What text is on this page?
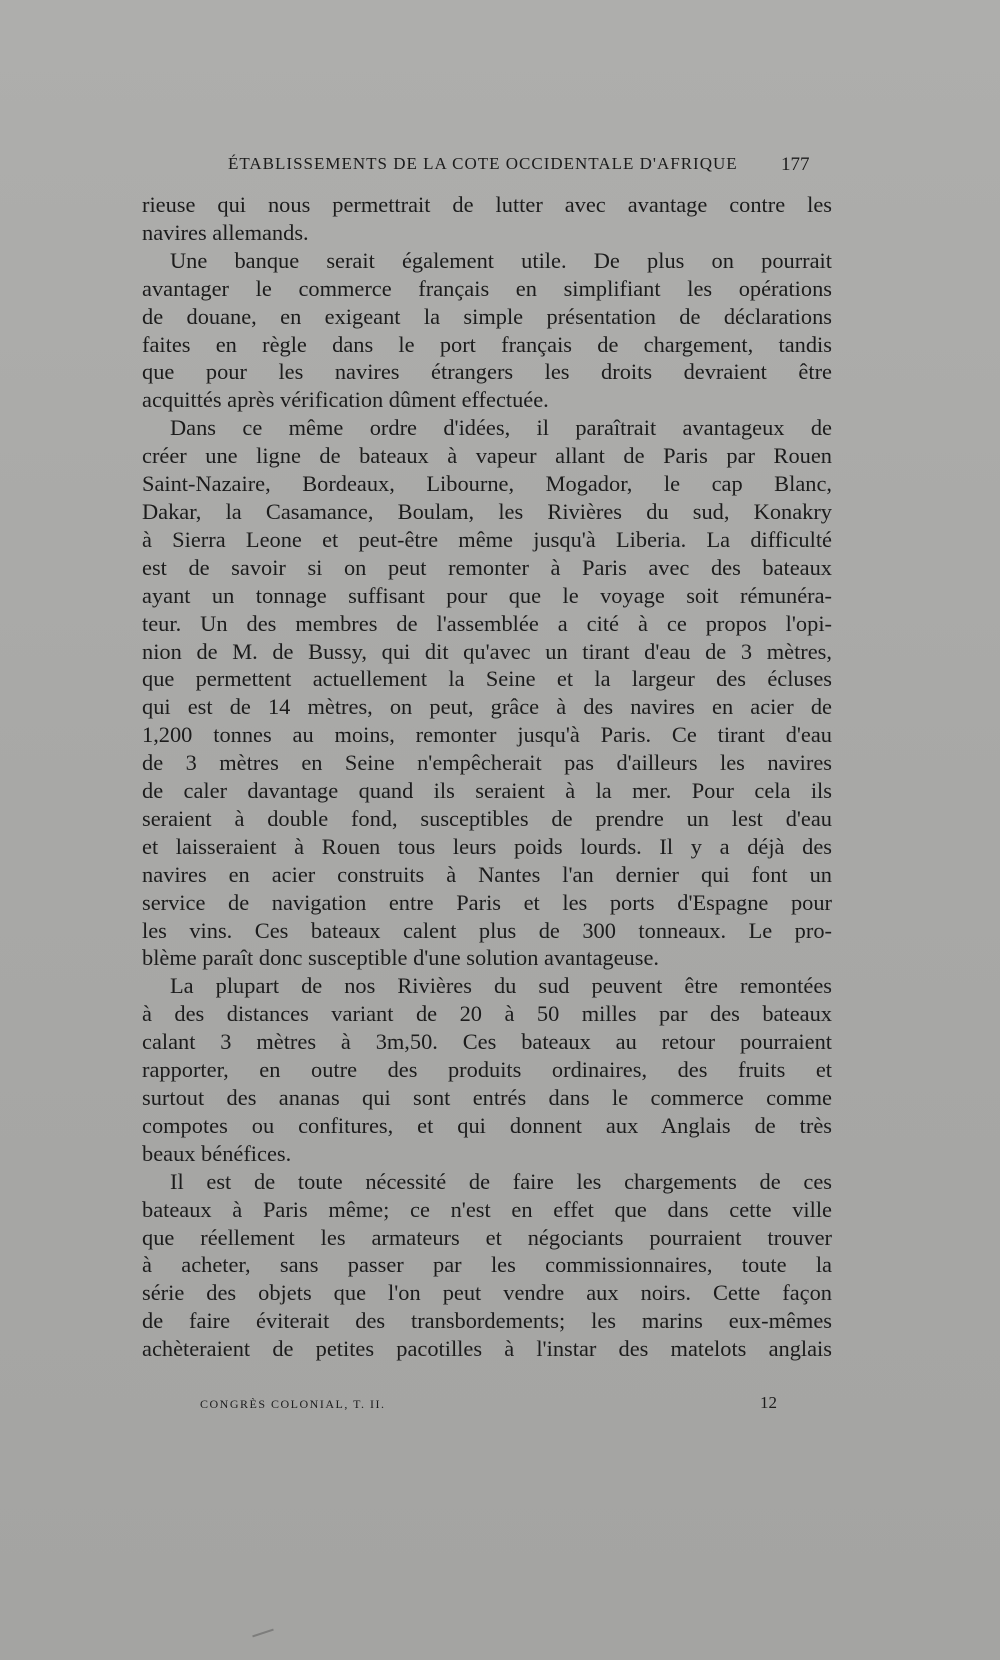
ÉTABLISSEMENTS DE LA COTE OCCIDENTALE D'AFRIQUE	177
rieuse qui nous permettrait de lutter avec avantage contre les
navires allemands.
Une banque serait également utile. De plus on pourrait
avantager le commerce français en simplifiant les opérations
de douane, en exigeant la simple présentation de déclarations
faites en règle dans le port français de chargement, tandis
que pour les navires étrangers les droits devraient être
acquittés après vérification dûment effectuée.
Dans ce même ordre d'idées, il paraîtrait avantageux de
créer une ligne de bateaux à vapeur allant de Paris par Rouen
Saint-Nazaire, Bordeaux, Libourne, Mogador, le cap Blanc,
Dakar, la Casamance, Boulam, les Rivières du sud, Konakry
à Sierra Leone et peut-être même jusqu'à Liberia. La difficulté
est de savoir si on peut remonter à Paris avec des bateaux
ayant un tonnage suffisant pour que le voyage soit rémunéra-
teur. Un des membres de l'assemblée a cité à ce propos l'opi-
nion de M. de Bussy, qui dit qu'avec un tirant d'eau de 3 mètres,
que permettent actuellement la Seine et la largeur des écluses
qui est de 14 mètres, on peut, grâce à des navires en acier de
1,200 tonnes au moins, remonter jusqu'à Paris. Ce tirant d'eau
de 3 mètres en Seine n'empêcherait pas d'ailleurs les navires
de caler davantage quand ils seraient à la mer. Pour cela ils
seraient à double fond, susceptibles de prendre un lest d'eau
et laisseraient à Rouen tous leurs poids lourds. Il y a déjà des
navires en acier construits à Nantes l'an dernier qui font un
service de navigation entre Paris et les ports d'Espagne pour
les vins. Ces bateaux calent plus de 300 tonneaux. Le pro-
blème paraît donc susceptible d'une solution avantageuse.
La plupart de nos Rivières du sud peuvent être remontées
à des distances variant de 20 à 50 milles par des bateaux
calant 3 mètres à 3m,50. Ces bateaux au retour pourraient
rapporter, en outre des produits ordinaires, des fruits et
surtout des ananas qui sont entrés dans le commerce comme
compotes ou confitures, et qui donnent aux Anglais de très
beaux bénéfices.
Il est de toute nécessité de faire les chargements de ces
bateaux à Paris même; ce n'est en effet que dans cette ville
que réellement les armateurs et négociants pourraient trouver
à acheter, sans passer par les commissionnaires, toute la
série des objets que l'on peut vendre aux noirs. Cette façon
de faire éviterait des transbordements; les marins eux-mêmes
achèteraient de petites pacotilles à l'instar des matelots anglais
CONGRÈS COLONIAL, T. II.	12
